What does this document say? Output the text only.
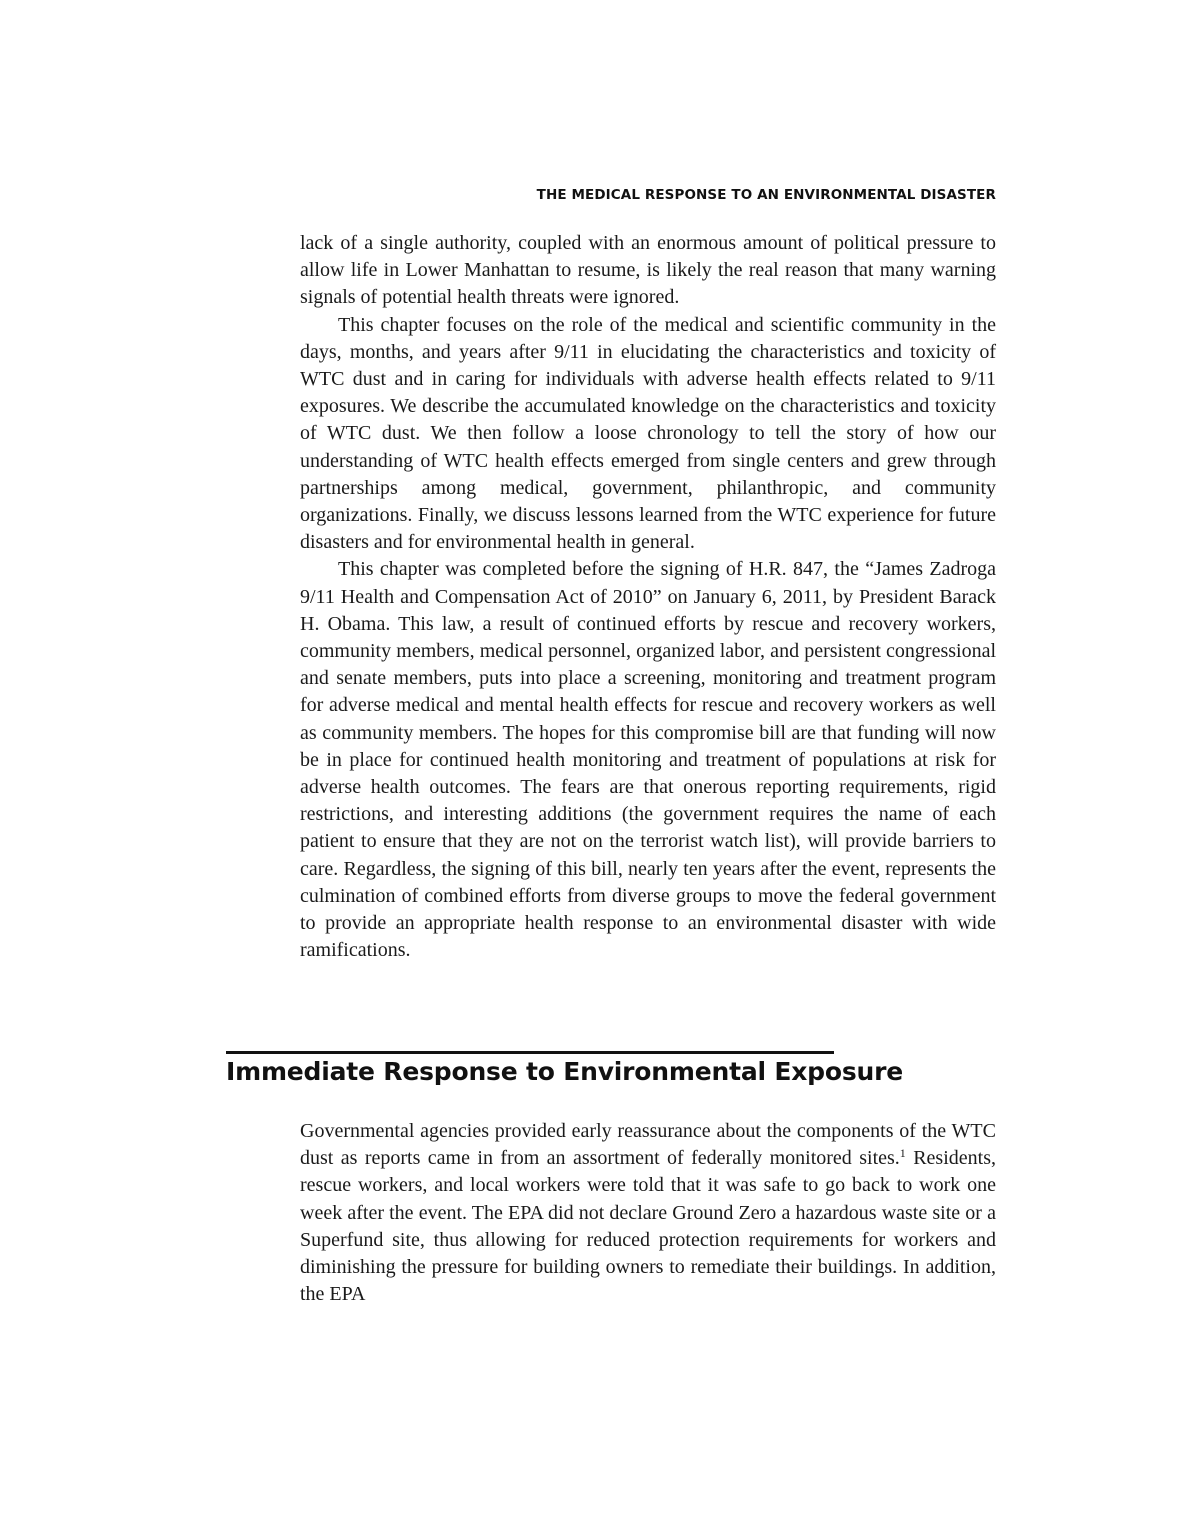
THE MEDICAL RESPONSE TO AN ENVIRONMENTAL DISASTER

lack of a single authority, coupled with an enormous amount of political pressure to allow life in Lower Manhattan to resume, is likely the real reason that many warning signals of potential health threats were ignored.

This chapter focuses on the role of the medical and scientific community in the days, months, and years after 9/11 in elucidating the characteristics and toxicity of WTC dust and in caring for individuals with adverse health effects related to 9/11 exposures. We describe the accumulated knowledge on the characteristics and toxicity of WTC dust. We then follow a loose chronology to tell the story of how our understanding of WTC health effects emerged from single centers and grew through partnerships among medical, government, philanthropic, and community organizations. Finally, we discuss lessons learned from the WTC experience for future disasters and for environmental health in general.

This chapter was completed before the signing of H.R. 847, the “James Zadroga 9/11 Health and Compensation Act of 2010” on January 6, 2011, by President Barack H. Obama. This law, a result of continued efforts by rescue and recovery workers, community members, medical personnel, organized labor, and persistent congressional and senate members, puts into place a screening, monitoring and treatment program for adverse medical and mental health effects for rescue and recovery workers as well as community members. The hopes for this compromise bill are that funding will now be in place for continued health monitoring and treatment of populations at risk for adverse health outcomes. The fears are that onerous reporting requirements, rigid restrictions, and interesting additions (the government requires the name of each patient to ensure that they are not on the terrorist watch list), will provide barriers to care. Regardless, the signing of this bill, nearly ten years after the event, represents the culmination of combined efforts from diverse groups to move the federal government to provide an appropriate health response to an environmental disaster with wide ramifications.

Immediate Response to Environmental Exposure

Governmental agencies provided early reassurance about the components of the WTC dust as reports came in from an assortment of federally monitored sites.$^1$ Residents, rescue workers, and local workers were told that it was safe to go back to work one week after the event. The EPA did not declare Ground Zero a hazardous waste site or a Superfund site, thus allowing for reduced protection requirements for workers and diminishing the pressure for building owners to remediate their buildings. In addition, the EPA
